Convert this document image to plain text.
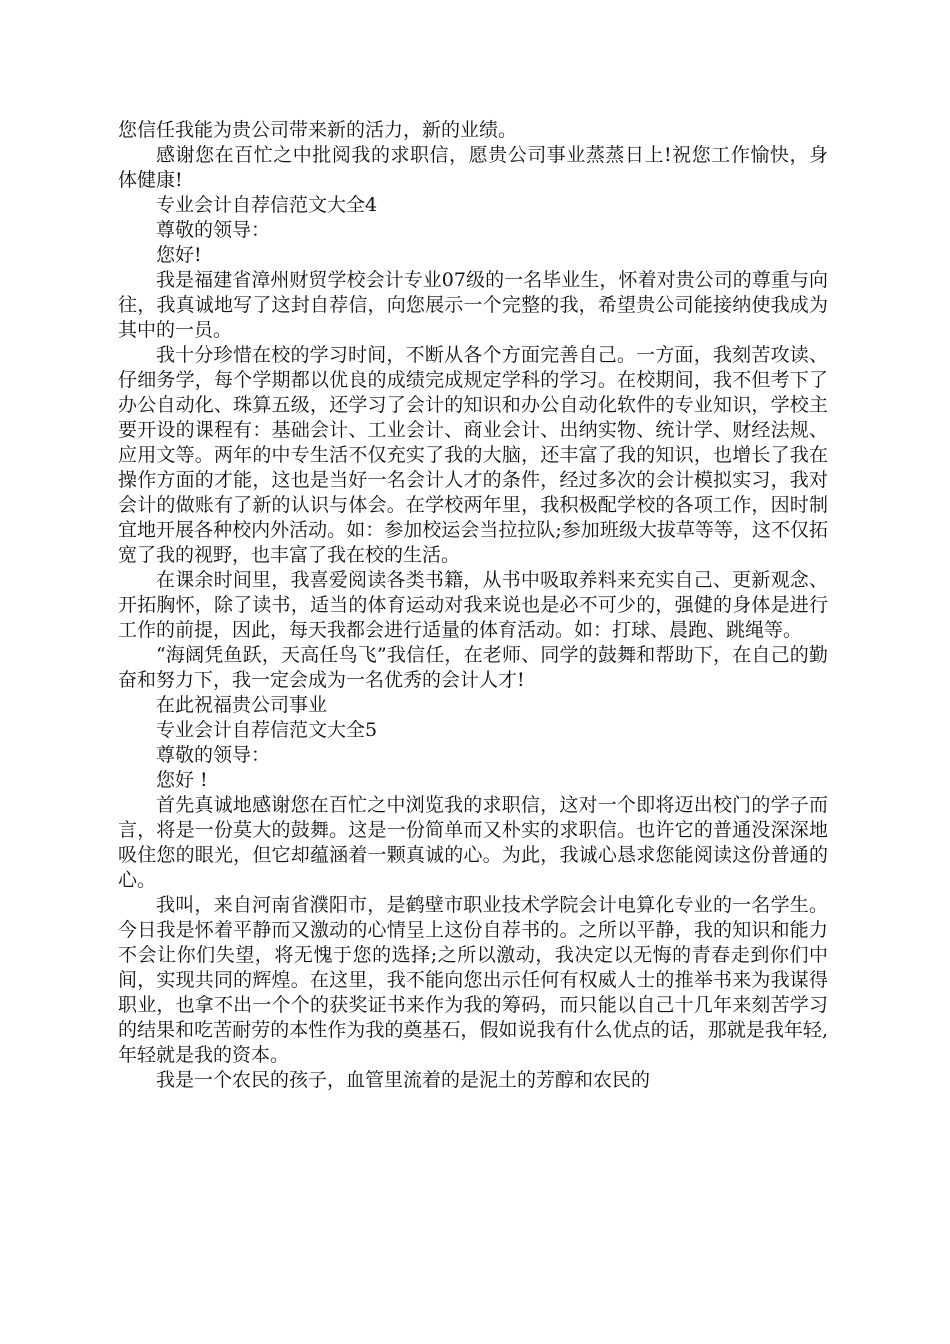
您信任我能为贵公司带来新的活力，新的业绩。

感谢您在百忙之中批阅我的求职信，愿贵公司事业蒸蒸日上!祝您工作愉快，身体健康!

专业会计自荐信范文大全4

尊敬的领导：

您好!

我是福建省漳州财贸学校会计专业07级的一名毕业生，怀着对贵公司的尊重与向往，我真诚地写了这封自荐信，向您展示一个完整的我，希望贵公司能接纳使我成为其中的一员。

我十分珍惜在校的学习时间，不断从各个方面完善自己。一方面，我刻苦攻读、仔细务学，每个学期都以优良的成绩完成规定学科的学习。在校期间，我不但考下了办公自动化、珠算五级，还学习了会计的知识和办公自动化软件的专业知识，学校主要开设的课程有：基础会计、工业会计、商业会计、出纳实物、统计学、财经法规、应用文等。两年的中专生活不仅充实了我的大脑，还丰富了我的知识，也增长了我在操作方面的才能，这也是当好一名会计人才的条件，经过多次的会计模拟实习，我对会计的做账有了新的认识与体会。在学校两年里，我积极配学校的各项工作，因时制宜地开展各种校内外活动。如：参加校运会当拉拉队;参加班级大拔草等等，这不仅拓宽了我的视野，也丰富了我在校的生活。

在课余时间里，我喜爱阅读各类书籍，从书中吸取养料来充实自己、更新观念、开拓胸怀，除了读书，适当的体育运动对我来说也是必不可少的，强健的身体是进行工作的前提，因此，每天我都会进行适量的体育活动。如：打球、晨跑、跳绳等。

“海阔凭鱼跃，天高任鸟飞”我信任，在老师、同学的鼓舞和帮助下，在自己的勤奋和努力下，我一定会成为一名优秀的会计人才!

在此祝福贵公司事业

专业会计自荐信范文大全5

尊敬的领导：

您好 !

首先真诚地感谢您在百忙之中浏览我的求职信，这对一个即将迈出校门的学子而言，将是一份莫大的鼓舞。这是一份简单而又朴实的求职信。也许它的普通没深深地吸住您的眼光，但它却蕴涵着一颗真诚的心。为此，我诚心恳求您能阅读这份普通的心。

我叫，来自河南省濮阳市，是鹤壁市职业技术学院会计电算化专业的一名学生。今日我是怀着平静而又激动的心情呈上这份自荐书的。之所以平静，我的知识和能力不会让你们失望，将无愧于您的选择;之所以激动，我决定以无悔的青春走到你们中间，实现共同的辉煌。在这里，我不能向您出示任何有权威人士的推举书来为我谋得职业，也拿不出一个个的获奖证书来作为我的筹码，而只能以自己十几年来刻苦学习的结果和吃苦耐劳的本性作为我的奠基石，假如说我有什么优点的话，那就是我年轻,年轻就是我的资本。

我是一个农民的孩子，血管里流着的是泥土的芳醇和农民的
